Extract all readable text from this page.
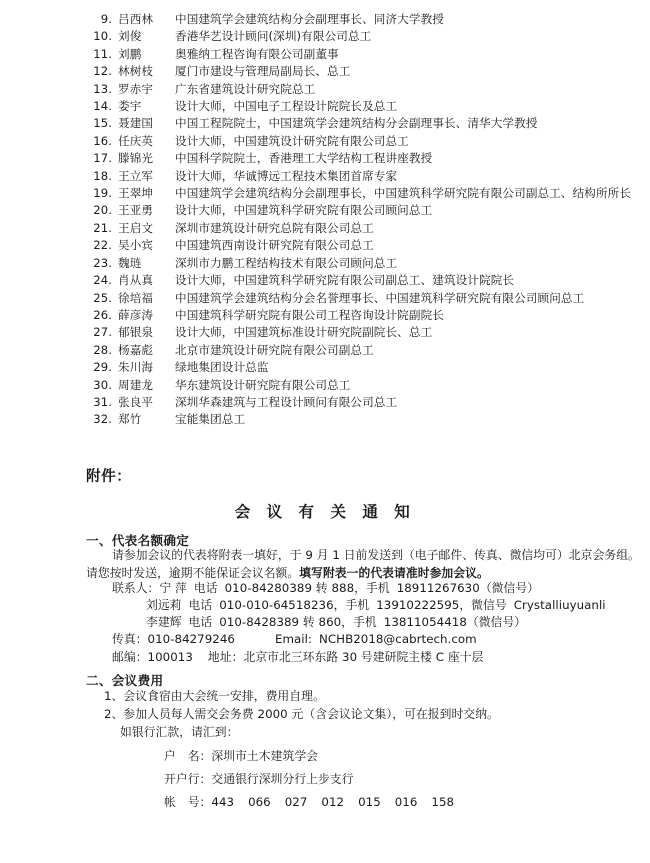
9. 吕西林	中国建筑学会建筑结构分会副理事长、同济大学教授
10. 刘俊	香港华艺设计顾问(深圳)有限公司总工
11. 刘鹏	奥雅纳工程咨询有限公司副董事
12. 林树枝	厦门市建设与管理局副局长、总工
13. 罗赤宇	广东省建筑设计研究院总工
14. 娄宇	设计大师，中国电子工程设计院院长及总工
15. 聂建国	中国工程院院士，中国建筑学会建筑结构分会副理事长、清华大学教授
16. 任庆英	设计大师，中国建筑设计研究院有限公司总工
17. 滕锦光	中国科学院院士，香港理工大学结构工程讲座教授
18. 王立军	设计大师，华诚博远工程技术集团首席专家
19. 王翠坤	中国建筑学会建筑结构分会副理事长，中国建筑科学研究院有限公司副总工、结构所所长
20. 王亚勇	设计大师，中国建筑科学研究院有限公司顾问总工
21. 王启文	深圳市建筑设计研究总院有限公司总工
22. 吴小宾	中国建筑西南设计研究院有限公司总工
23. 魏琏	深圳市力鹏工程结构技术有限公司顾问总工
24. 肖从真	设计大师，中国建筑科学研究院有限公司副总工、建筑设计院院长
25. 徐培福	中国建筑学会建筑结构分会名誉理事长、中国建筑科学研究院有限公司顾问总工
26. 薛彦涛	中国建筑科学研究院有限公司工程咨询设计院副院长
27. 郁银泉	设计大师，中国建筑标准设计研究院副院长、总工
28. 杨嘉彪	北京市建筑设计研究院有限公司副总工
29. 朱川海	绿地集团设计总监
30. 周建龙	华东建筑设计研究院有限公司总工
31. 张良平	深圳华森建筑与工程设计顾问有限公司总工
32. 郑竹	宝能集团总工
附件：
会 议 有 关 通 知
一、代表名额确定
请参加会议的代表将附表一填好，于 9 月 1 日前发送到（电子邮件、传真、微信均可）北京会务组。
请您按时发送，逾期不能保证会议名额。填写附表一的代表请准时参加会议。
联系人：宁 萍 电话 010-84280389 转 888，手机 18911267630（微信号）
刘远莉 电话 010-010-64518236，手机 13910222595，微信号 Crystalliuyuanli
李建辉 电话 010-8428389 转 860，手机 13811054418（微信号）
传真：010-84279246	Email: NCHB2018@cabrtech.com
邮编：100013 地址：北京市北三环东路 30 号建研院主楼 C 座十层
二、会议费用
1、会议食宿由大会统一安排，费用自理。
2、参加人员每人需交会务费 2000 元（含会议论文集），可在报到时交纳。
如银行汇款，请汇到：
户　名：深圳市土木建筑学会
开户行：交通银行深圳分行上步支行
帐　号：443 066 027 012 015 016 158
